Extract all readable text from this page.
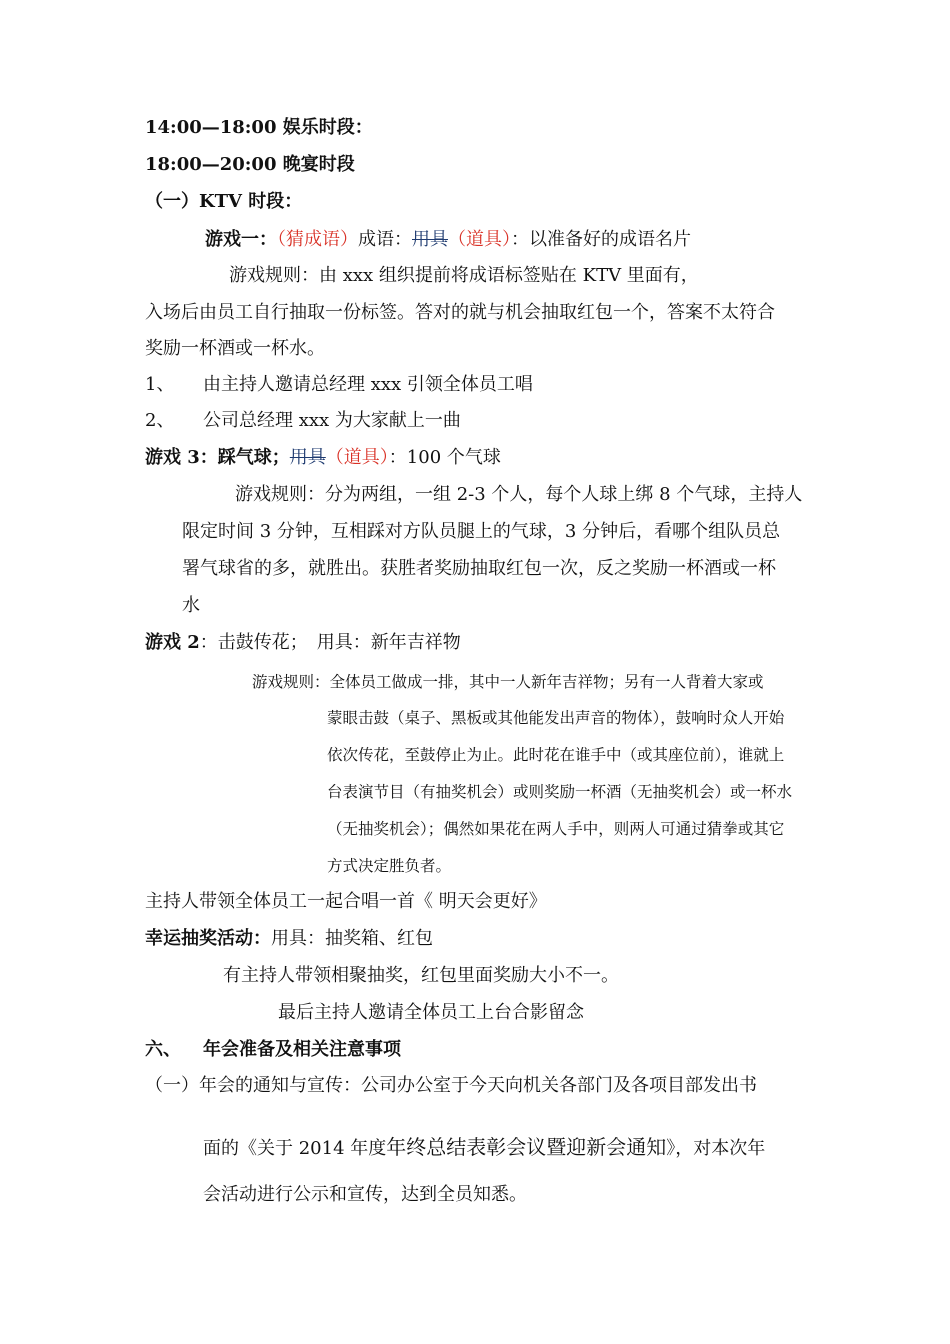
14:00—18:00 娱乐时段：
18:00—20:00 晚宴时段
（一）KTV 时段：
游戏一：（猜成语）成语：用具（道具）：以准备好的成语名片
游戏规则：由 xxx 组织提前将成语标签贴在 KTV 里面有，
入场后由员工自行抽取一份标签。答对的就与机会抽取红包一个，答案不太符合
奖励一杯酒或一杯水。
1、 由主持人邀请总经理 xxx 引领全体员工唱
2、 公司总经理 xxx 为大家献上一曲
游戏 3：踩气球；用具（道具）：100 个气球
游戏规则：分为两组，一组 2-3 个人，每个人球上绑 8 个气球，主持人
限定时间 3 分钟，互相踩对方队员腿上的气球，3 分钟后，看哪个组队员总
署气球省的多，就胜出。获胜者奖励抽取红包一次，反之奖励一杯酒或一杯
水
游戏 2：击鼓传花；　用具：新年吉祥物
游戏规则：全体员工做成一排，其中一人新年吉祥物；另有一人背着大家或
蒙眼击鼓（桌子、黑板或其他能发出声音的物体），鼓响时众人开始
依次传花，至鼓停止为止。此时花在谁手中（或其座位前），谁就上
台表演节目（有抽奖机会）或则奖励一杯酒（无抽奖机会）或一杯水
（无抽奖机会）；偶然如果花在两人手中，则两人可通过猜拳或其它
方式决定胜负者。
主持人带领全体员工一起合唱一首《 明天会更好》
幸运抽奖活动：用具：抽奖箱、红包
有主持人带领相聚抽奖，红包里面奖励大小不一。
最后主持人邀请全体员工上台合影留念
六、 年会准备及相关注意事项
（一）年会的通知与宣传：公司办公室于今天向机关各部门及各项目部发出书
面的《关于 2014 年度年终总结表彰会议暨迎新会通知》，对本次年
会活动进行公示和宣传，达到全员知悉。
